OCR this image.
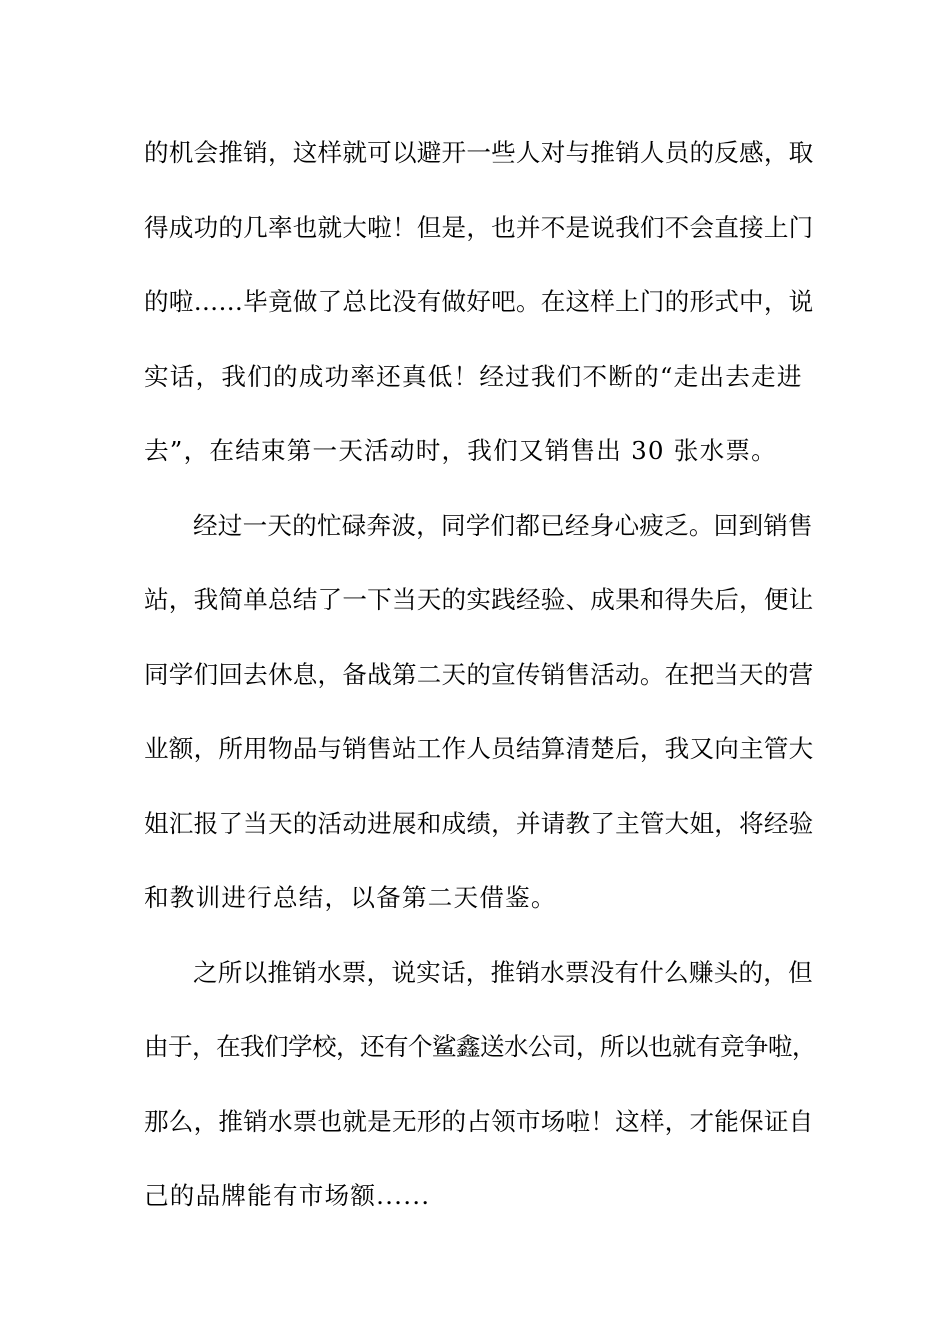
的机会推销，这样就可以避开一些人对与推销人员的反感，取
得成功的几率也就大啦！但是，也并不是说我们不会直接上门
的啦……毕竟做了总比没有做好吧。在这样上门的形式中，说
实话，我们的成功率还真低！经过我们不断的“走出去走进
去”，在结束第一天活动时，我们又销售出 30 张水票。
经过一天的忙碌奔波，同学们都已经身心疲乏。回到销售
站，我简单总结了一下当天的实践经验、成果和得失后，便让
同学们回去休息，备战第二天的宣传销售活动。在把当天的营
业额，所用物品与销售站工作人员结算清楚后，我又向主管大
姐汇报了当天的活动进展和成绩，并请教了主管大姐，将经验
和教训进行总结，以备第二天借鉴。
之所以推销水票，说实话，推销水票没有什么赚头的，但
由于，在我们学校，还有个鲨鑫送水公司，所以也就有竞争啦，
那么，推销水票也就是无形的占领市场啦！这样，才能保证自
己的品牌能有市场额......
